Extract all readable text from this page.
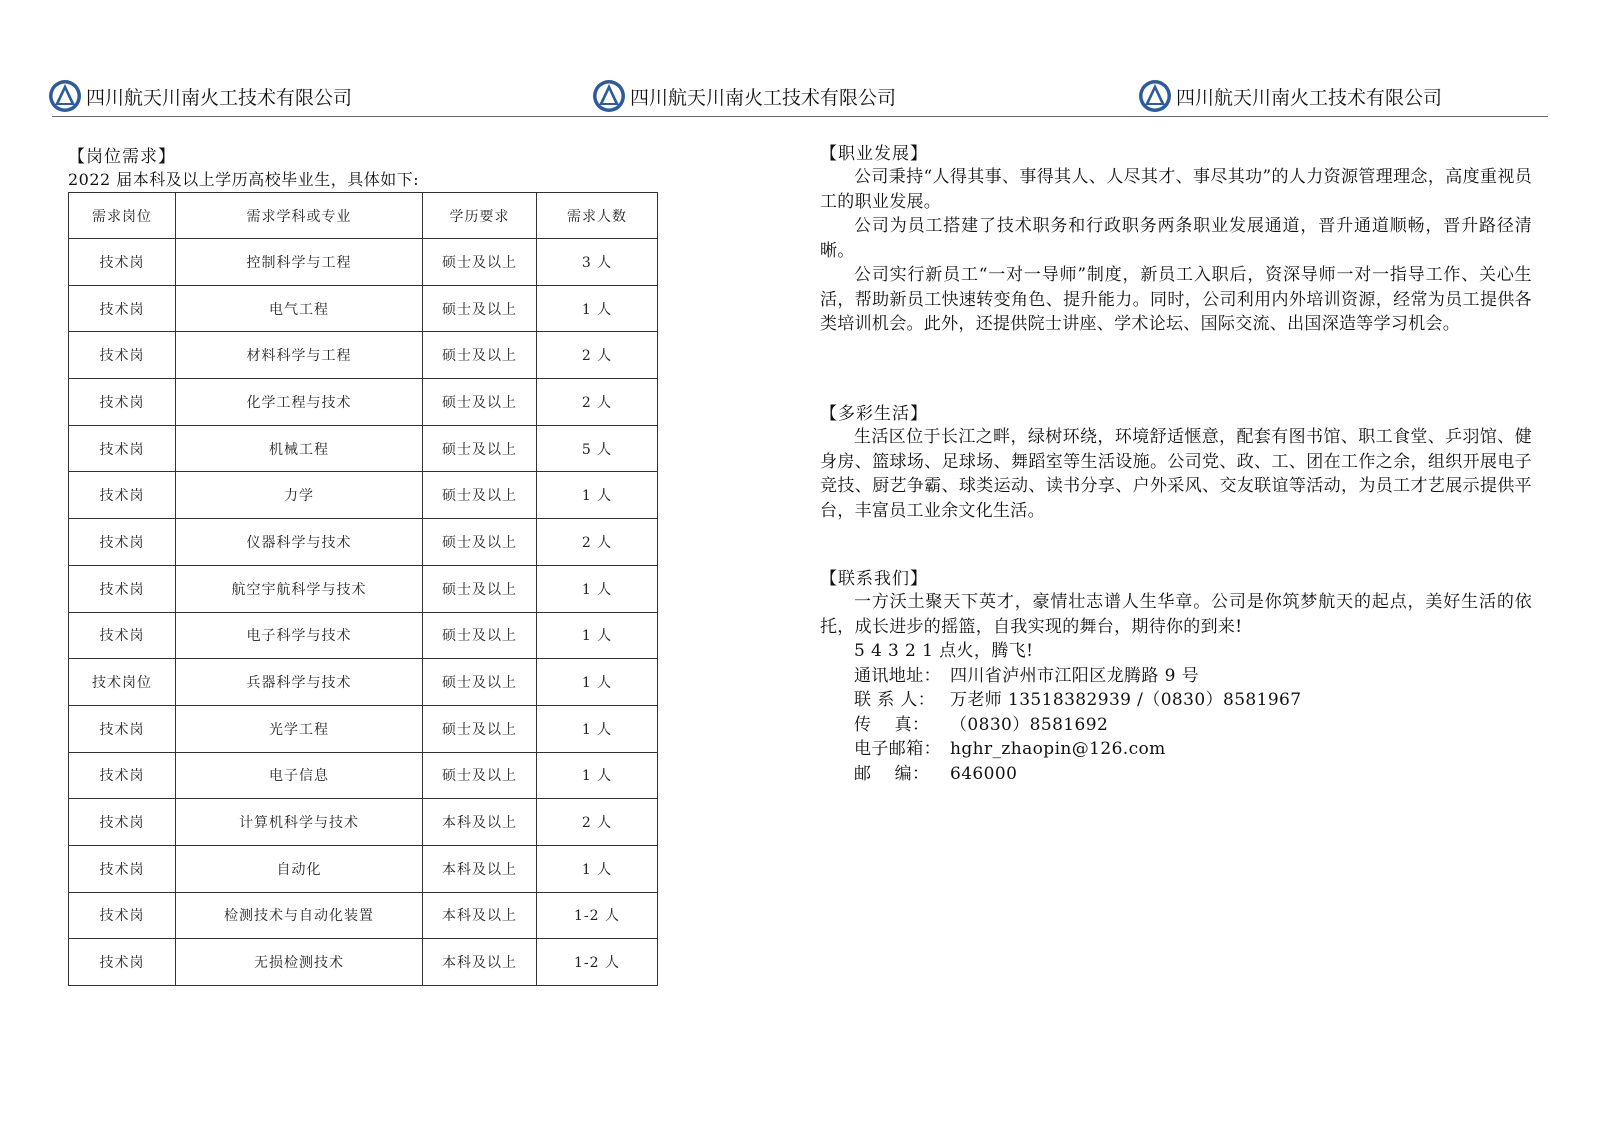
四川航天川南火工技术有限公司	四川航天川南火工技术有限公司	四川航天川南火工技术有限公司
【岗位需求】
2022 届本科及以上学历高校毕业生，具体如下:
需求岗位	需求学科或专业	学历要求	需求人数
技术岗	控制科学与工程	硕士及以上	3 人
技术岗	电气工程	硕士及以上	1 人
技术岗	材料科学与工程	硕士及以上	2 人
技术岗	化学工程与技术	硕士及以上	2 人
技术岗	机械工程	硕士及以上	5 人
技术岗	力学	硕士及以上	1 人
技术岗	仪器科学与技术	硕士及以上	2 人
技术岗	航空宇航科学与技术	硕士及以上	1 人
技术岗	电子科学与技术	硕士及以上	1 人
技术岗位	兵器科学与技术	硕士及以上	1 人
技术岗	光学工程	硕士及以上	1 人
技术岗	电子信息	硕士及以上	1 人
技术岗	计算机科学与技术	本科及以上	2 人
技术岗	自动化	本科及以上	1 人
技术岗	检测技术与自动化装置	本科及以上	1-2 人
技术岗	无损检测技术	本科及以上	1-2 人
【职业发展】

公司秉持“人得其事、事得其人、人尽其才、事尽其功”的人力资源管理理念，高度重视员工的职业发展。

公司为员工搭建了技术职务和行政职务两条职业发展通道，晋升通道顺畅，晋升路径清晰。

公司实行新员工“一对一导师”制度，新员工入职后，资深导师一对一指导工作、关心生活，帮助新员工快速转变角色、提升能力。同时，公司利用内外培训资源，经常为员工提供各类培训机会。此外，还提供院士讲座、学术论坛、国际交流、出国深造等学习机会。

【多彩生活】

生活区位于长江之畔，绿树环绕，环境舒适惬意，配套有图书馆、职工食堂、乒羽馆、健身房、篮球场、足球场、舞蹈室等生活设施。公司党、政、工、团在工作之余，组织开展电子竞技、厨艺争霸、球类运动、读书分享、户外采风、交友联谊等活动，为员工才艺展示提供平台，丰富员工业余文化生活。

【联系我们】

一方沃土聚天下英才，豪情壮志谱人生华章。公司是你筑梦航天的起点，美好生活的依托，成长进步的摇篮，自我实现的舞台，期待你的到来!

5 4 3 2 1 点火，腾飞!

通讯地址： 四川省泸州市江阳区龙腾路 9 号

联 系 人： 万老师 13518382939 /（0830）8581967

传    真： （0830）8581692

电子邮箱： hghr_zhaopin@126.com

邮    编： 646000
